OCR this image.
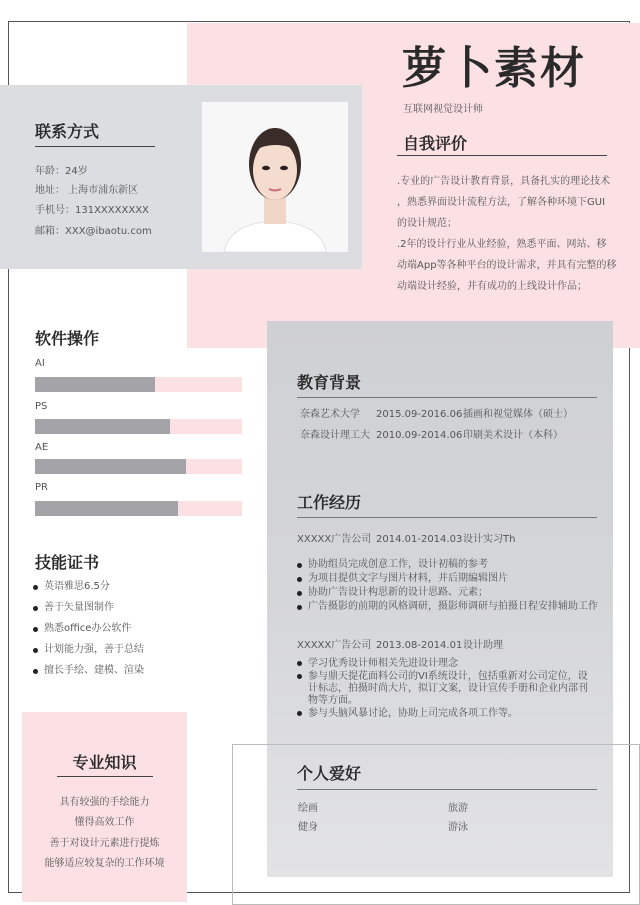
萝卜素材
互联网视觉设计师
联系方式
年龄：24岁
地址： 上海市浦东新区
手机号：131XXXXXXXX
邮箱：XXX@ibaotu.com
自我评价
.专业的广告设计教育背景，具备扎实的理论技术
，熟悉界面设计流程方法，了解各种环境下GUI
的设计规范；
.2年的设计行业从业经验，熟悉平面、网站、移
动端App等各种平台的设计需求，并具有完整的移
动端设计经验，并有成功的上线设计作品；
软件操作
AI
PS
AE
PR
技能证书
英语雅思6.5分
善于矢量图制作
熟悉office办公软件
计划能力强，善于总结
擅长手绘、建模、渲染
专业知识
具有较强的手绘能力
懂得高效工作
善于对设计元素进行提炼
能够适应较复杂的工作环境
教育背景
奈森艺术大学 2015.09-2016.06 插画和视觉媒体（硕士）
奈森设计理工大 2010.09-2014.06 印刷美术设计（本科）
工作经历
XXXXX广告公司 2014.01-2014.03 设计实习Th
协助组员完成创意工作，设计初稿的参考
为项目提供文字与图片材料，并后期编辑图片
协助广告设计构思新的设计思路、元素；
广告摄影的前期的风格调研，摄影师调研与拍摄日程安排辅助工作
XXXXX广告公司 2013.08-2014.01 设计助理
学习优秀设计师相关先进设计理念
参与鼎天提花面料公司的VI系统设计，包括重新对公司定位，设计标志，拍摄时尚大片，拟订文案，设计宣传手册和企业内部刊物等方面。
参与头脑风暴讨论，协助上司完成各项工作等。
个人爱好
绘画	旅游
健身	游泳
